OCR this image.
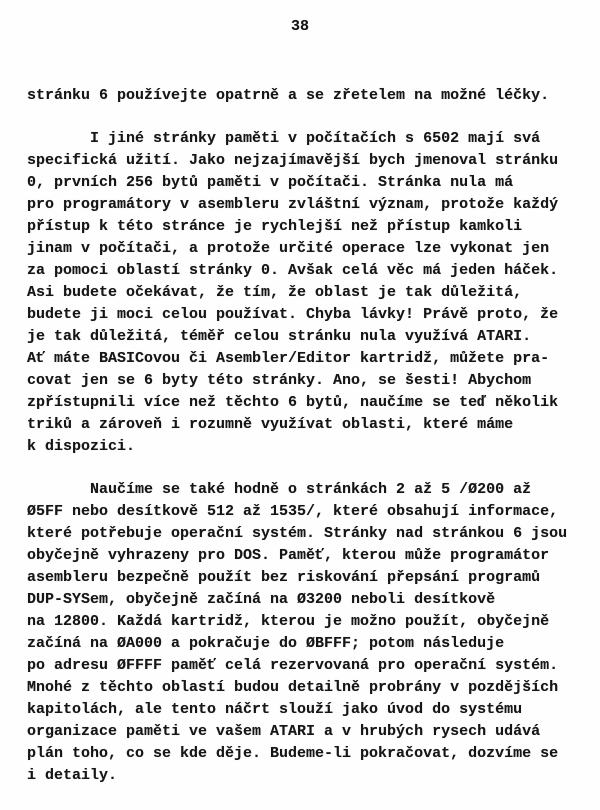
38
stránku 6 používejte opatrně a se zřetelem na možné léčky.
I jiné stránky paměti v počítačích s 6502 mají svá
specifická užití. Jako nejzajímavější bych jmenoval stránku
0, prvních 256 bytů paměti v počítači. Stránka nula má
pro programátory v asembleru zvláštní význam, protože každý
přístup k této stránce je rychlejší než přístup kamkoli
jinam v počítači, a protože určité operace lze vykonat jen
za pomoci oblastí stránky 0. Avšak celá věc má jeden háček.
Asi budete očekávat, že tím, že oblast je tak důležitá,
budete ji moci celou používat. Chyba lávky! Právě proto, že
je tak důležitá, téměř celou stránku nula využívá ATARI.
Ať máte BASICovou či Asembler/Editor kartridž, můžete pra-
covat jen se 6 byty této stránky. Ano, se šesti! Abychom
zpřístupnili více než těchto 6 bytů, naučíme se teď několik
triků a zároveň i rozumně využívat oblasti, které máme
k dispozici.
Naučíme se také hodně o stránkách 2 až 5 /Ø200 až
Ø5FF nebo desítkově 512 až 1535/, které obsahují informace,
které potřebuje operační systém. Stránky nad stránkou 6 jsou
obyčejně vyhrazeny pro DOS. Paměť, kterou může programátor
asembleru bezpečně použít bez riskování přepsání programů
DUP-SYSem, obyčejně začíná na Ø3200 neboli desítkově
na 12800. Každá kartridž, kterou je možno použít, obyčejně
začíná na ØA000 a pokračuje do ØBFFF; potom následuje
po adresu ØFFFF paměť celá rezervovaná pro operační systém.
Mnohé z těchto oblastí budou detailně probrány v pozdějších
kapitolách, ale tento náčrt slouží jako úvod do systému
organizace paměti ve vašem ATARI a v hrubých rysech udává
plán toho, co se kde děje. Budeme-li pokračovat, dozvíme se
i detaily.
